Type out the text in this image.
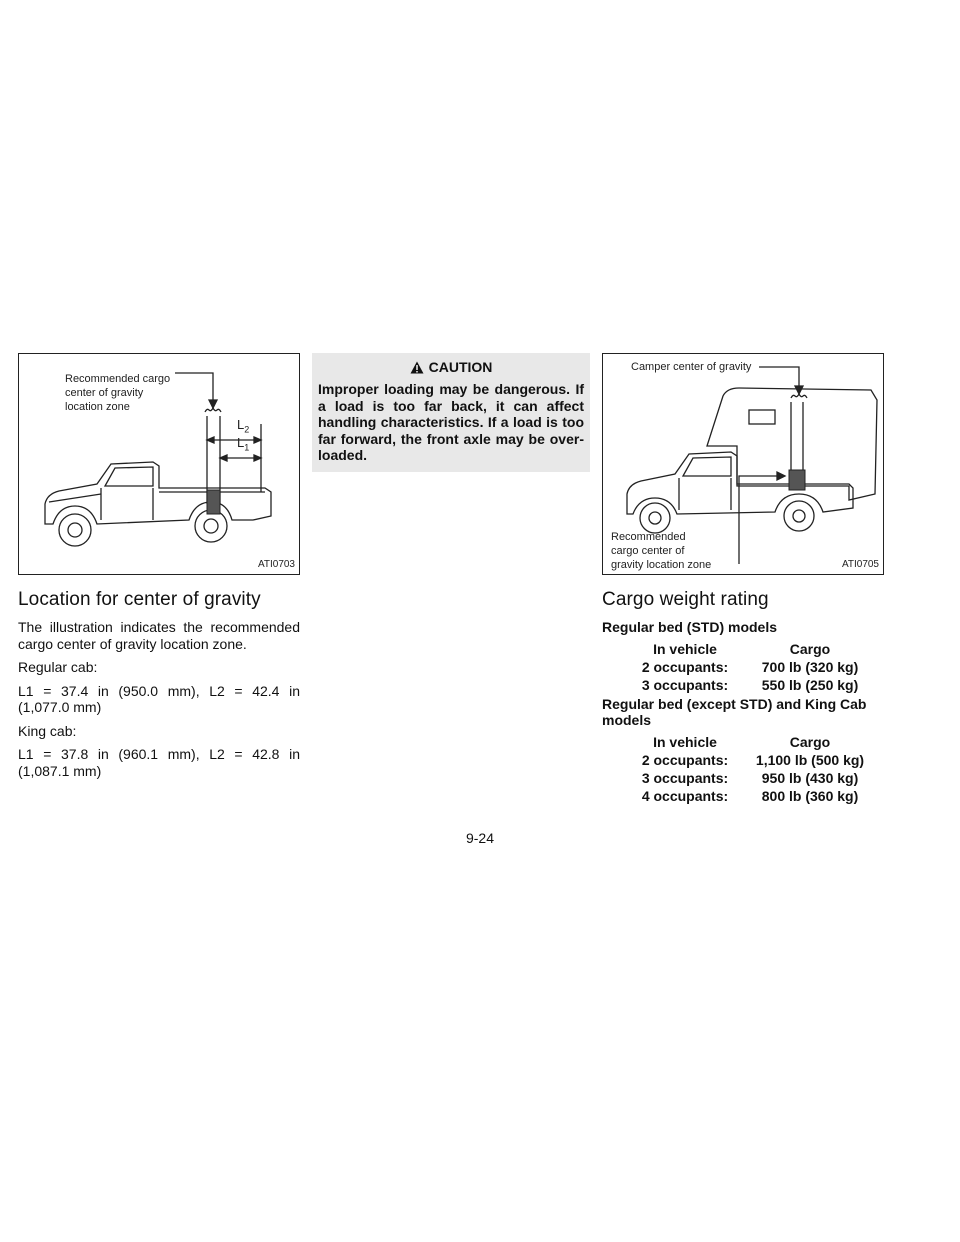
Recommended cargo
center of gravity
location zone
$L_2$
$L_1$
ATI0703
Location for center of gravity

The illustration indicates the recommended cargo center of gravity location zone.

Regular cab:

L1 = 37.4 in (950.0 mm), L2 = 42.4 in (1,077.0 mm)

King cab:

L1 = 37.8 in (960.1 mm), L2 = 42.8 in (1,087.1 mm)

CAUTION

Improper loading may be dangerous. If a load is too far back, it can affect handling characteristics. If a load is too far forward, the front axle may be over-loaded.

Camper center of gravity
Recommended
cargo center of
gravity location zone	ATI0705
Cargo weight rating
Regular bed (STD) models
In vehicle	Cargo
2 occupants:	700 lb (320 kg)
3 occupants:	550 lb (250 kg)
Regular bed (except STD) and King Cab models
In vehicle	Cargo
2 occupants:	1,100 lb (500 kg)
3 occupants:	950 lb (430 kg)
4 occupants:	800 lb (360 kg)
9-24
